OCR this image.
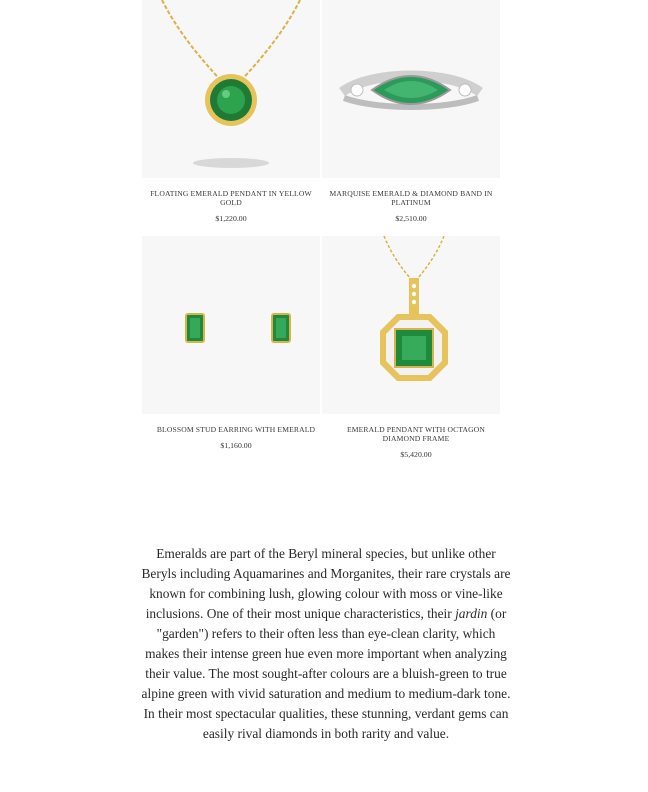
FLOATING EMERALD PENDANT IN YELLOW GOLD
$1,220.00
MARQUISE EMERALD & DIAMOND BAND IN PLATINUM
$2,510.00
BLOSSOM STUD EARRING WITH EMERALD
$1,160.00
EMERALD PENDANT WITH OCTAGON DIAMOND FRAME
$5,420.00

Emeralds are part of the Beryl mineral species, but unlike other Beryls including Aquamarines and Morganites, their rare crystals are known for combining lush, glowing colour with moss or vine-like inclusions. One of their most unique characteristics, their jardin (or "garden") refers to their often less than eye-clean clarity, which makes their intense green hue even more important when analyzing their value. The most sought-after colours are a bluish-green to true alpine green with vivid saturation and medium to medium-dark tone. In their most spectacular qualities, these stunning, verdant gems can easily rival diamonds in both rarity and value.
